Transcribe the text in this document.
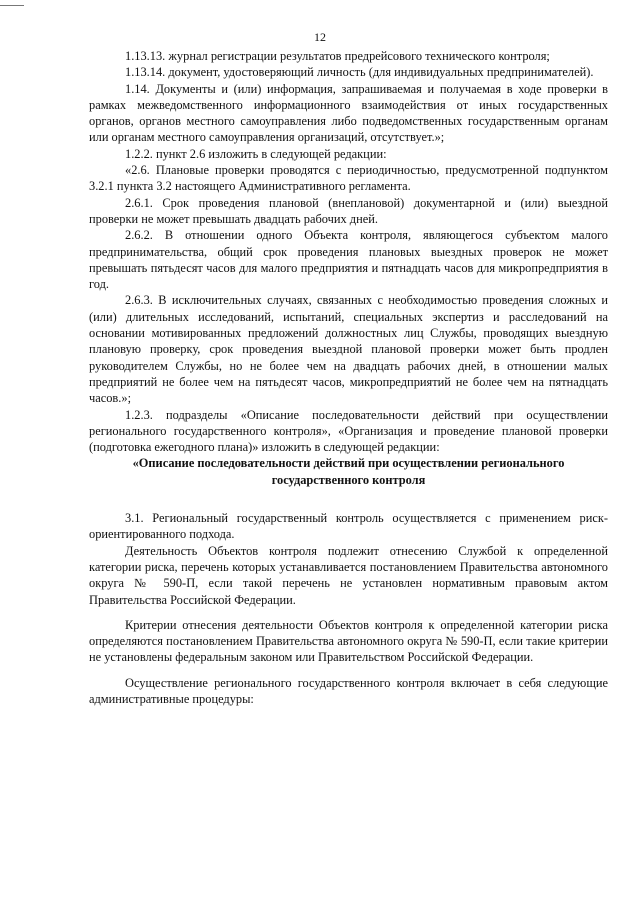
12

1.13.13. журнал регистрации результатов предрейсового технического контроля;

1.13.14. документ, удостоверяющий личность (для индивидуальных предпринимателей).

1.14. Документы и (или) информация, запрашиваемая и получаемая в ходе проверки в рамках межведомственного информационного взаимодействия от иных государственных органов, органов местного самоуправления либо подведомственных государственным органам или органам местного самоуправления организаций, отсутствует.»;

1.2.2. пункт 2.6 изложить в следующей редакции:

«2.6. Плановые проверки проводятся с периодичностью, предусмотренной подпунктом 3.2.1 пункта 3.2 настоящего Административного регламента.

2.6.1. Срок проведения плановой (внеплановой) документарной и (или) выездной проверки не может превышать двадцать рабочих дней.

2.6.2. В отношении одного Объекта контроля, являющегося субъектом малого предпринимательства, общий срок проведения плановых выездных проверок не может превышать пятьдесят часов для малого предприятия и пятнадцать часов для микропредприятия в год.

2.6.3. В исключительных случаях, связанных с необходимостью проведения сложных и (или) длительных исследований, испытаний, специальных экспертиз и расследований на основании мотивированных предложений должностных лиц Службы, проводящих выездную плановую проверку, срок проведения выездной плановой проверки может быть продлен руководителем Службы, но не более чем на двадцать рабочих дней, в отношении малых предприятий не более чем на пятьдесят часов, микропредприятий не более чем на пятнадцать часов.»;

1.2.3. подразделы «Описание последовательности действий при осуществлении регионального государственного контроля», «Организация и проведение плановой проверки (подготовка ежегодного плана)» изложить в следующей редакции:

«Описание последовательности действий при осуществлении регионального государственного контроля

3.1. Региональный государственный контроль осуществляется с применением риск-ориентированного подхода.

Деятельность Объектов контроля подлежит отнесению Службой к определенной категории риска, перечень которых устанавливается постановлением Правительства автономного округа № 590-П, если такой перечень не установлен нормативным правовым актом Правительства Российской Федерации.

Критерии отнесения деятельности Объектов контроля к определенной категории риска определяются постановлением Правительства автономного округа № 590-П, если такие критерии не установлены федеральным законом или Правительством Российской Федерации.

Осуществление регионального государственного контроля включает в себя следующие административные процедуры:
